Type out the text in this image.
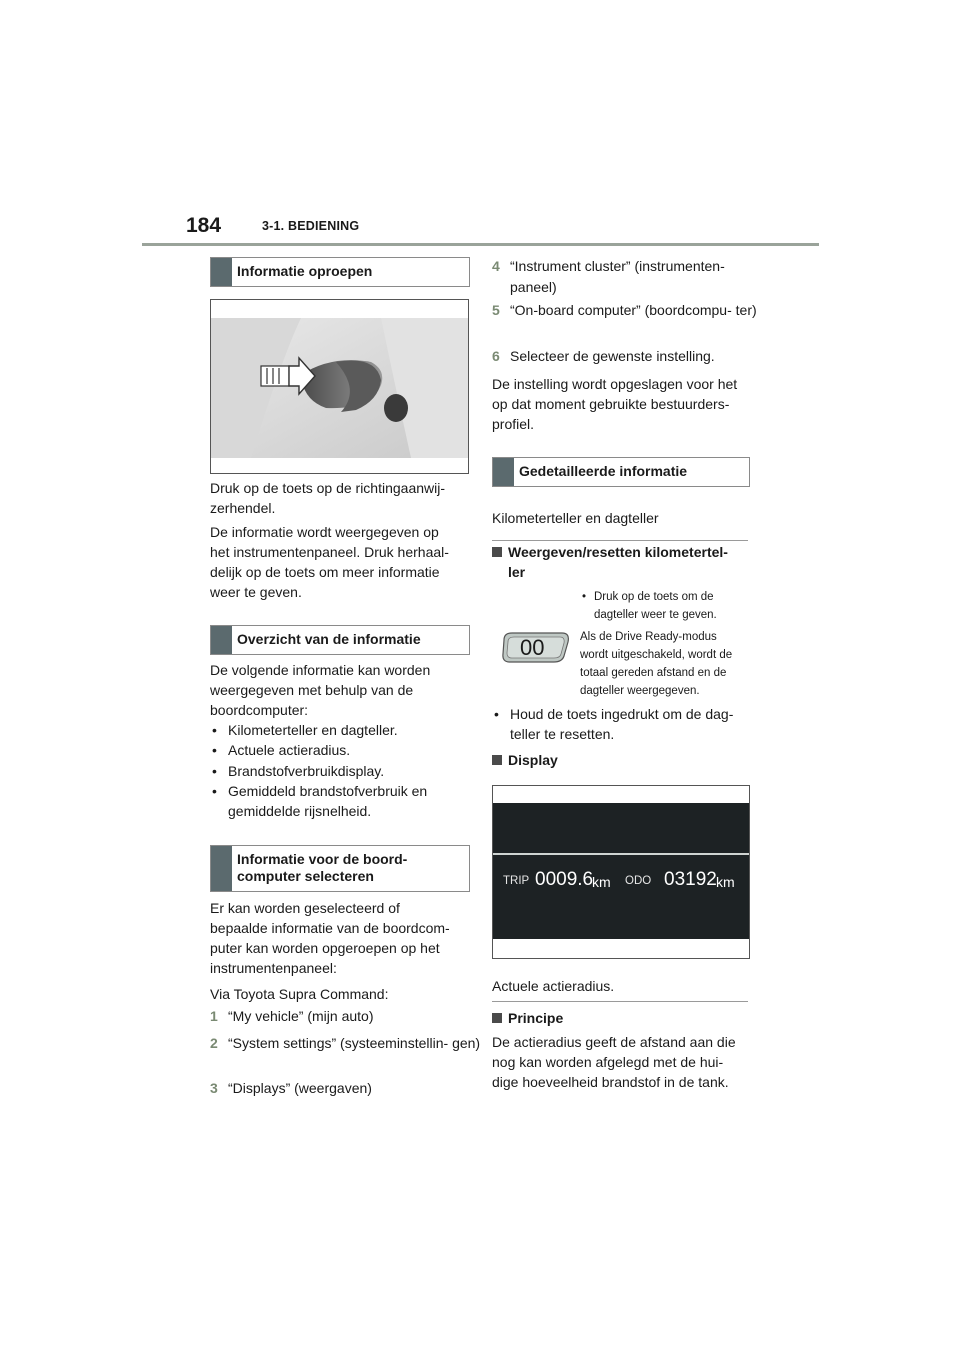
184	3-1. BEDIENING
Informatie oproepen
Druk op de toets op de richtingaanwij-
zerhendel.
De informatie wordt weergegeven op
het instrumentenpaneel. Druk herhaal-
delijk op de toets om meer informatie
weer te geven.
Overzicht van de informatie
De volgende informatie kan worden
weergegeven met behulp van de
boordcomputer:
• Kilometerteller en dagteller.
• Actuele actieradius.
• Brandstofverbruikdisplay.
• Gemiddeld brandstofverbruik en
gemiddelde rijsnelheid.
Informatie voor de boord-
computer selecteren
Er kan worden geselecteerd of
bepaalde informatie van de boordcom-
puter kan worden opgeroepen op het
instrumentenpaneel:
Via Toyota Supra Command:
1 “My vehicle” (mijn auto)
2 “System settings” (systeeminstellin- gen)
3 “Displays” (weergaven)
4 “Instrument cluster” (instrumenten- paneel)
5 “On-board computer” (boordcompu- ter)
6 Selecteer de gewenste instelling.
De instelling wordt opgeslagen voor het
op dat moment gebruikte bestuurders-
profiel.
Gedetailleerde informatie
Kilometerteller en dagteller
Weergeven/resetten kilometertel-
ler
• Druk op de toets om de
dagteller weer te geven.
00	Als de Drive Ready-modus
wordt uitgeschakeld, wordt de
totaal gereden afstand en de
dagteller weergegeven.
• Houd de toets ingedrukt om de dag-
teller te resetten.
Display
TRIP 0009.6
km ODO 03192 km
Actuele actieradius.
Principe
De actieradius geeft de afstand aan die
nog kan worden afgelegd met de hui-
dige hoeveelheid brandstof in de tank.
